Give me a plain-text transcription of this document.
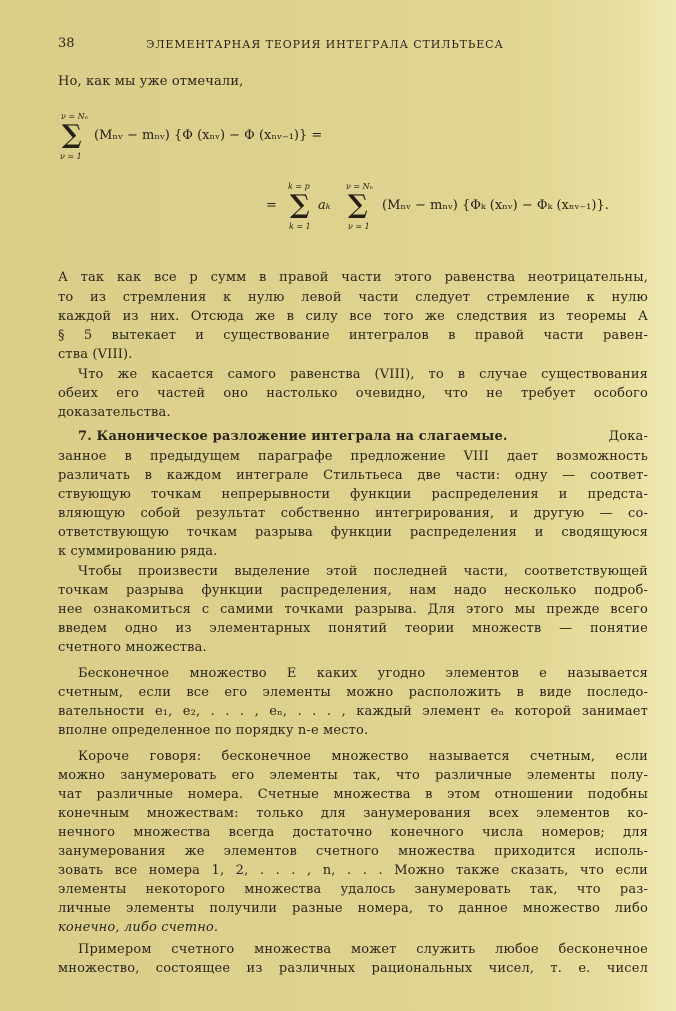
38	ЭЛЕМЕНТАРНАЯ ТЕОРИЯ ИНТЕГРАЛА СТИЛЬТЬЕСА
Но, как мы уже отмечали,
ν = Nₙ
∑
ν = 1
(Mₙᵥ − mₙᵥ) {Φ (xₙᵥ) − Φ (xₙᵥ₋₁)} =
=
k = p
∑
k = 1
aₖ
ν = Nₙ
∑
ν = 1
(Mₙᵥ − mₙᵥ) {Φₖ (xₙᵥ) − Φₖ (xₙᵥ₋₁)}.
А так как все p сумм в правой части этого равенства неотрицательны,
то из стремления к нулю левой части следует стремление к нулю
каждой из них. Отсюда же в силу все того же следствия из теоремы А
§ 5 вытекает и существование интегралов в правой части равен-
ства (VIII).
Что же касается самого равенства (VIII), то в случае существования
обеих его частей оно настолько очевидно, что не требует особого
доказательства.
7. Каноническое разложение интеграла на слагаемые.	Дока-
занное в предыдущем параграфе предложение VIII дает возможность
различать в каждом интеграле Стильтьеса две части: одну — соответ-
ствующую точкам непрерывности функции распределения и предста-
вляющую собой результат собственно интегрирования, и другую — со-
ответствующую точкам разрыва функции распределения и сводящуюся
к суммированию ряда.
Чтобы произвести выделение этой последней части, соответствующей
точкам разрыва функции распределения, нам надо несколько подроб-
нее ознакомиться с самими точками разрыва. Для этого мы прежде всего
введем одно из элементарных понятий теории множеств — понятие
счетного множества.
Бесконечное множество E каких угодно элементов e называется
счетным, если все его элементы можно расположить в виде последо-
вательности e₁, e₂, . . . , eₙ, . . . , каждый элемент eₙ которой занимает
вполне определенное по порядку n-е место.
Короче говоря: бесконечное множество называется счетным, если
можно занумеровать его элементы так, что различные элементы полу-
чат различные номера. Счетные множества в этом отношении подобны
конечным множествам: только для занумерования всех элементов ко-
нечного множества всегда достаточно конечного числа номеров; для
занумерования же элементов счетного множества приходится исполь-
зовать все номера 1, 2, . . . , n, . . . Можно также сказать, что если
элементы некоторого множества удалось занумеровать так, что раз-
личные элементы получили разные номера, то данное множество либо
конечно, либо счетно.
Примером счетного множества может служить любое бесконечное
множество, состоящее из различных рациональных чисел, т. е. чисел
